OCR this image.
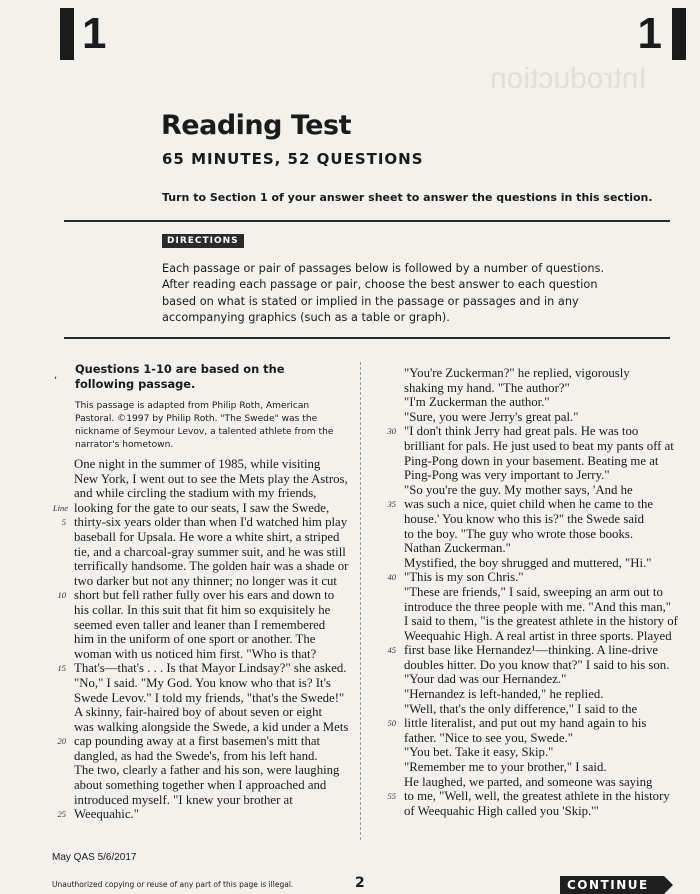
Introduction
1	1
Reading Test
65 MINUTES, 52 QUESTIONS
Turn to Section 1 of your answer sheet to answer the questions in this section.
DIRECTIONS
Each passage or pair of passages below is followed by a number of questions. After reading each passage or pair, choose the best answer to each question based on what is stated or implied in the passage or passages and in any accompanying graphics (such as a table or graph).
, Questions 1-10 are based on the following passage.
This passage is adapted from Philip Roth, American Pastoral. ©1997 by Philip Roth. "The Swede" was the nickname of Seymour Levov, a talented athlete from the narrator's hometown.
One night in the summer of 1985, while visiting
New York, I went out to see the Mets play the Astros,
and while circling the stadium with my friends,
Line looking for the gate to our seats, I saw the Swede,
5 thirty-six years older than when I'd watched him play
baseball for Upsala. He wore a white shirt, a striped
tie, and a charcoal-gray summer suit, and he was still
terrifically handsome. The golden hair was a shade or
two darker but not any thinner; no longer was it cut
10 short but fell rather fully over his ears and down to
his collar. In this suit that fit him so exquisitely he
seemed even taller and leaner than I remembered
him in the uniform of one sport or another. The
woman with us noticed him first. "Who is that?
15 That's—that's . . . Is that Mayor Lindsay?" she asked.
"No," I said. "My God. You know who that is? It's
Swede Levov." I told my friends, "that's the Swede!"
A skinny, fair-haired boy of about seven or eight
was walking alongside the Swede, a kid under a Mets
20 cap pounding away at a first basemen's mitt that
dangled, as had the Swede's, from his left hand.
The two, clearly a father and his son, were laughing
about something together when I approached and
introduced myself. "I knew your brother at
25 Weequahic."
"You're Zuckerman?" he replied, vigorously
shaking my hand. "The author?"
"I'm Zuckerman the author."
"Sure, you were Jerry's great pal."
30 "I don't think Jerry had great pals. He was too
brilliant for pals. He just used to beat my pants off at
Ping-Pong down in your basement. Beating me at
Ping-Pong was very important to Jerry."
"So you're the guy. My mother says, 'And he
35 was such a nice, quiet child when he came to the
house.' You know who this is?" the Swede said
to the boy. "The guy who wrote those books.
Nathan Zuckerman."
Mystified, the boy shrugged and muttered, "Hi."
40 "This is my son Chris."
"These are friends," I said, sweeping an arm out to
introduce the three people with me. "And this man,"
I said to them, "is the greatest athlete in the history of
Weequahic High. A real artist in three sports. Played
45 first base like Hernandez¹—thinking. A line-drive
doubles hitter. Do you know that?" I said to his son.
"Your dad was our Hernandez."
"Hernandez is left-handed," he replied.
"Well, that's the only difference," I said to the
50 little literalist, and put out my hand again to his
father. "Nice to see you, Swede."
"You bet. Take it easy, Skip."
"Remember me to your brother," I said.
He laughed, we parted, and someone was saying
55 to me, "Well, well, the greatest athlete in the history
of Weequahic High called you 'Skip.'"
May QAS 5/6/2017
Unauthorized copying or reuse of any part of this page is illegal.	2	CONTINUE
